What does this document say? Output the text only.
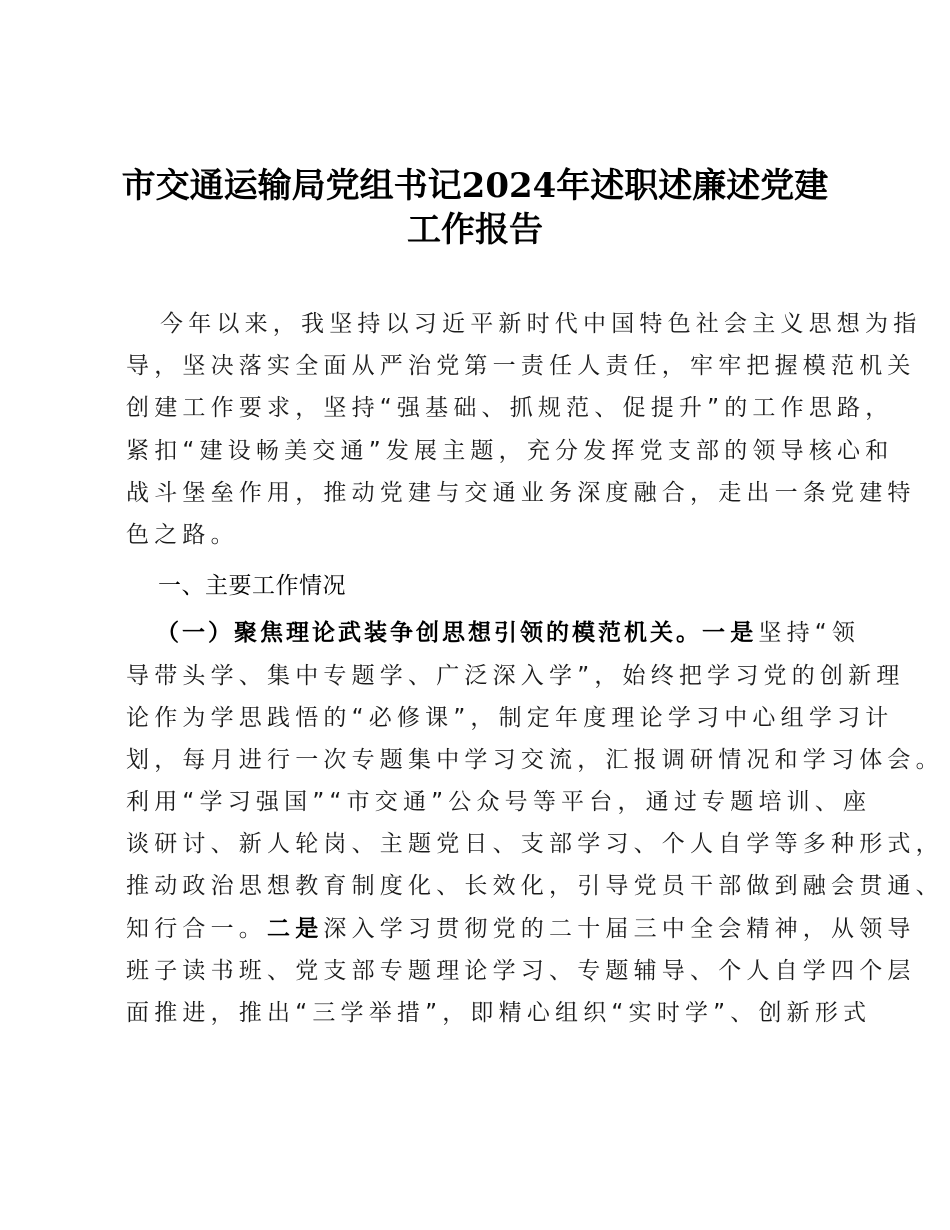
市交通运输局党组书记2024年述职述廉述党建
工作报告
今年以来，我坚持以习近平新时代中国特色社会主义思想为指
导，坚决落实全面从严治党第一责任人责任，牢牢把握模范机关
创建工作要求，坚持“强基础、抓规范、促提升”的工作思路，
紧扣“建设畅美交通”发展主题，充分发挥党支部的领导核心和
战斗堡垒作用，推动党建与交通业务深度融合，走出一条党建特
色之路。
一、主要工作情况
（一）聚焦理论武装争创思想引领的模范机关。一是坚持“领
导带头学、集中专题学、广泛深入学”，始终把学习党的创新理
论作为学思践悟的“必修课”，制定年度理论学习中心组学习计
划，每月进行一次专题集中学习交流，汇报调研情况和学习体会。
利用“学习强国”“市交通”公众号等平台，通过专题培训、座
谈研讨、新人轮岗、主题党日、支部学习、个人自学等多种形式，
推动政治思想教育制度化、长效化，引导党员干部做到融会贯通、
知行合一。二是深入学习贯彻党的二十届三中全会精神，从领导
班子读书班、党支部专题理论学习、专题辅导、个人自学四个层
面推进，推出“三学举措”，即精心组织“实时学”、创新形式
